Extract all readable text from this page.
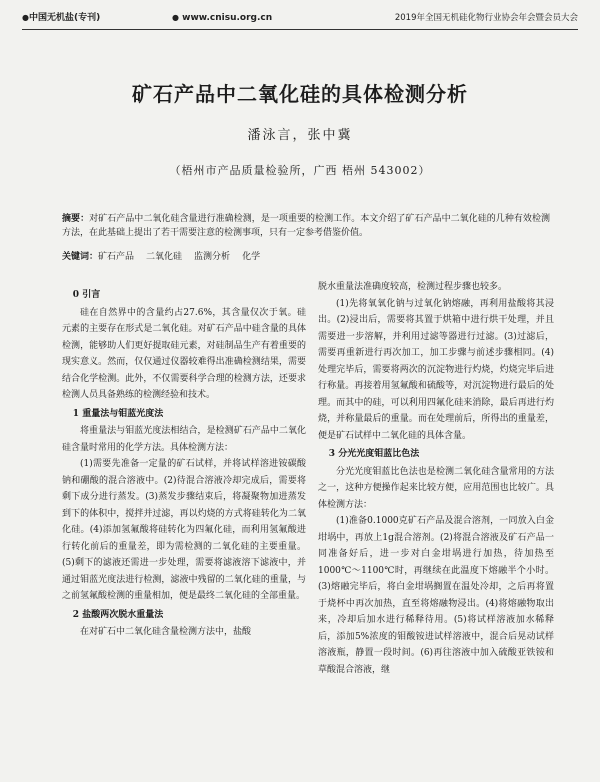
●中国无机盐(专刊)	● www.cnisu.org.cn	2019年全国无机硅化物行业协会年会暨会员大会
矿石产品中二氧化硅的具体检测分析
潘泳言，张中冀
（梧州市产品质量检验所，广西 梧州 543002）
摘要：对矿石产品中二氧化硅含量进行准确检测，是一项重要的检测工作。本文介绍了矿石产品中二氧化硅的几种有效检测方法，在此基础上提出了若干需要注意的检测事项，只有一定参考借鉴价值。
关键词：矿石产品 二氧化硅 监测分析 化学
0 引言

硅在自然界中的含量约占27.6%，其含量仅次于氧。硅元素的主要存在形式是二氧化硅。对矿石产品中硅含量的具体检测，能够助人们更好提取硅元素，对硅制品生产有着重要的现实意义。然而，仅仅通过仪器较难得出准确检测结果，需要结合化学检测。此外，不仅需要科学合理的检测方法，还要求检测人员具备熟练的检测经验和技术。

1 重量法与钼蓝光度法

将重量法与钼蓝光度法相结合，是检测矿石产品中二氧化硅含量时常用的化学方法。具体检测方法：

(1)需要先准备一定量的矿石试样，并将试样溶进铵碳酸钠和硼酸的混合溶液中。(2)待混合溶液冷却完成后，需要将剩下成分进行蒸发。(3)蒸发步骤结束后，将凝聚物加进蒸发到下的体积中，搅拌并过滤，再以灼烧的方式将硅转化为二氧化硅。(4)添加氢氟酸将硅转化为四氟化硅，而利用氢氟酸进行转化前后的重量差，即为需检测的二氧化硅的主要重量。(5)剩下的滤液还需进一步处理，需要将滤液溶下滤液中，并通过钼蓝光度法进行检测，滤液中残留的二氧化硅的重量，与之前氢氟酸检测的重量相加，便是最终二氧化硅的全部重量。

2 盐酸两次脱水重量法

在对矿石中二氧化硅含量检测方法中，盐酸

脱水重量法准确度较高，检测过程步骤也较多。

(1)先将氧氧化钠与过氧化钠熔融，再利用盐酸将其浸出。(2)浸出后，需要将其置于烘箱中进行烘干处理，并且需要进一步溶解，并利用过滤等器进行过滤。(3)过滤后，需要再重新进行再次加工，加工步骤与前述步骤相同。(4)处理完毕后，需要将两次的沉淀物进行灼烧，灼烧完毕后进行称量。再接着用氢氟酸和硫酸等，对沉淀物进行最后的处理。而其中的硅，可以利用四氟化硅来消除，最后再进行灼烧，并称量最后的重量。而在处理前后，所得出的重量差，便是矿石试样中二氧化硅的具体含量。

3 分光光度钼蓝比色法

分光光度钼蓝比色法也是检测二氧化硅含量常用的方法之一，这种方便操作起来比较方便，应用范围也比较广。具体检测方法：

(1)准备0.1000克矿石产品及混合溶剂，一同放入白金坩埚中，再放上1g混合溶剂。(2)将混合溶液及矿石产品一同准备好后，进一步对白金坩埚进行加热，待加热至1000℃～1100℃时，再继续在此温度下熔融半个小时。(3)熔融完毕后，将白金坩埚搁置在温处冷却，之后再将置于烧杯中再次加热，直至将熔融物浸出。(4)将熔融物取出来，冷却后加水进行稀释待用。(5)将试样溶液加水稀释后，添加5%浓度的钼酸铵进试样溶液中，混合后晃动试样溶液瓶，静置一段时间。(6)再往溶液中加入硫酸亚铁铵和草酸混合溶液，继
